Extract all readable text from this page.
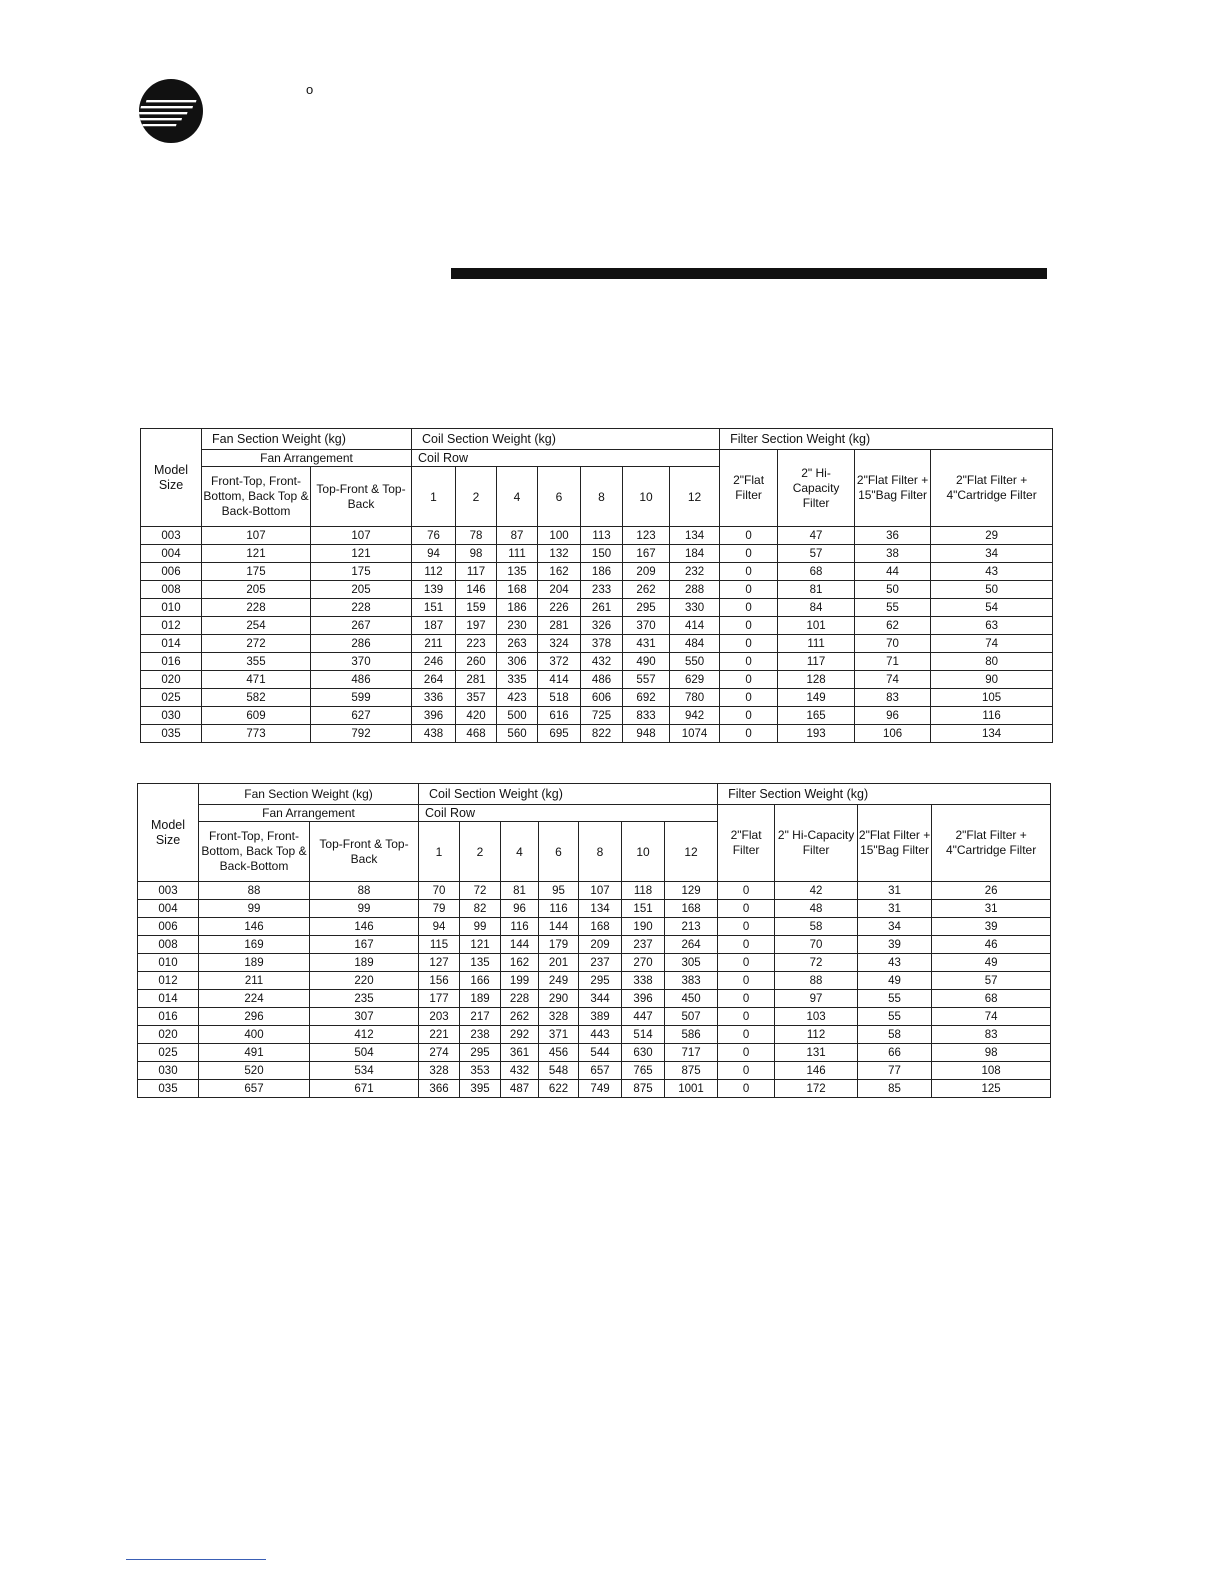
o
Model Size	Fan Section Weight (kg)		Coil Section Weight (kg)							Filter Section Weight (kg)			
	Fan Arrangement		Coil Row							2"Flat Filter	2" Hi-Capacity Filter	2"Flat Filter + 15"Bag Filter	2"Flat Filter + 4"Cartridge Filter
	Front-Top, Front-Bottom, Back Top & Back-Bottom	Top-Front & Top-Back	1	2	4	6	8	10	12				
003	107	107	76	78	87	100	113	123	134	0	47	36	29
004	121	121	94	98	111	132	150	167	184	0	57	38	34
006	175	175	112	117	135	162	186	209	232	0	68	44	43
008	205	205	139	146	168	204	233	262	288	0	81	50	50
010	228	228	151	159	186	226	261	295	330	0	84	55	54
012	254	267	187	197	230	281	326	370	414	0	101	62	63
014	272	286	211	223	263	324	378	431	484	0	111	70	74
016	355	370	246	260	306	372	432	490	550	0	117	71	80
020	471	486	264	281	335	414	486	557	629	0	128	74	90
025	582	599	336	357	423	518	606	692	780	0	149	83	105
030	609	627	396	420	500	616	725	833	942	0	165	96	116
035	773	792	438	468	560	695	822	948	1074	0	193	106	134
Model Size	Fan Section Weight (kg)		Coil Section Weight (kg)							Filter Section Weight (kg)			
	Fan Arrangement		Coil Row							2"Flat Filter	2" Hi-Capacity Filter	2"Flat Filter + 15"Bag Filter	2"Flat Filter + 4"Cartridge Filter
	Front-Top, Front-Bottom, Back Top & Back-Bottom	Top-Front & Top-Back	1	2	4	6	8	10	12				
003	88	88	70	72	81	95	107	118	129	0	42	31	26
004	99	99	79	82	96	116	134	151	168	0	48	31	31
006	146	146	94	99	116	144	168	190	213	0	58	34	39
008	169	167	115	121	144	179	209	237	264	0	70	39	46
010	189	189	127	135	162	201	237	270	305	0	72	43	49
012	211	220	156	166	199	249	295	338	383	0	88	49	57
014	224	235	177	189	228	290	344	396	450	0	97	55	68
016	296	307	203	217	262	328	389	447	507	0	103	55	74
020	400	412	221	238	292	371	443	514	586	0	112	58	83
025	491	504	274	295	361	456	544	630	717	0	131	66	98
030	520	534	328	353	432	548	657	765	875	0	146	77	108
035	657	671	366	395	487	622	749	875	1001	0	172	85	125
